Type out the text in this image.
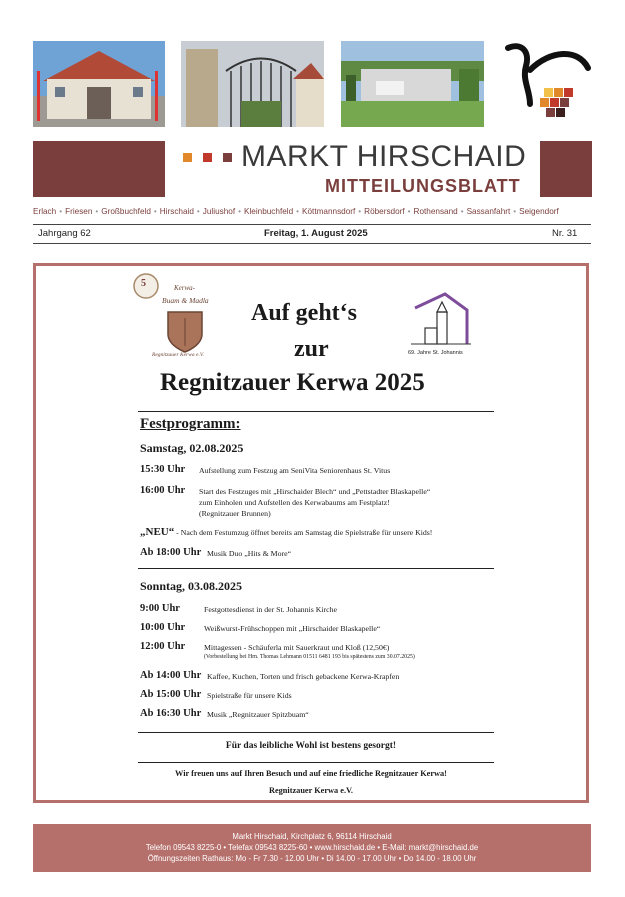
MARKT HIRSCHAID
MITTEILUNGSBLATT
Erlach • Friesen • Großbuchfeld • Hirschaid • Juliushof • Kleinbuchfeld • Köttmannsdorf • Röbersdorf • Rothensand • Sassanfahrt • Seigendorf
Jahrgang 62	Freitag, 1. August 2025	Nr. 31
5	Kerwa-
Buam & Madla
Regnitzauer Kerwa e.V.	69. Jahre St. Johannis
Auf geht‘s
zur
Regnitzauer Kerwa 2025
Festprogramm:
Samstag, 02.08.2025
15:30 Uhr Aufstellung zum Festzug am SeniVita Seniorenhaus St. Vitus
16:00 Uhr Start des Festzuges mit „Hirschaider Blech“ und „Pettstadter Blaskapelle“
zum Einholen und Aufstellen des Kerwabaums am Festplatz!
(Regnitzauer Brunnen)
„NEU“ - Nach dem Festumzug öffnet bereits am Samstag die Spielstraße für unsere Kids!
Ab 18:00 Uhr Musik Duo „Hits & More“
Sonntag, 03.08.2025
9:00 Uhr	Festgottesdienst in der St. Johannis Kirche
10:00 Uhr Weißwurst-Frühschoppen mit „Hirschaider Blaskapelle“
12:00 Uhr Mittagessen - Schäuferla mit Sauerkraut und Kloß (12,50€)
(Vorbestellung bei Hrn. Thomas Lehmann 01511 6481 193 bis spätestens zum 30.07.2025)
Ab 14:00 Uhr Kaffee, Kuchen, Torten und frisch gebackene Kerwa-Krapfen
Ab 15:00 Uhr Spielstraße für unsere Kids
Ab 16:30 Uhr Musik „Regnitzauer Spitzbuam“
Für das leibliche Wohl ist bestens gesorgt!
Wir freuen uns auf Ihren Besuch und auf eine friedliche Regnitzauer Kerwa!
Regnitzauer Kerwa e.V.
Markt Hirschaid, Kirchplatz 6, 96114 Hirschaid
Telefon 09543 8225-0 • Telefax 09543 8225-60 • www.hirschaid.de • E-Mail: markt@hirschaid.de
Öffnungszeiten Rathaus: Mo - Fr 7.30 - 12.00 Uhr • Di 14.00 - 17.00 Uhr • Do 14.00 - 18.00 Uhr
